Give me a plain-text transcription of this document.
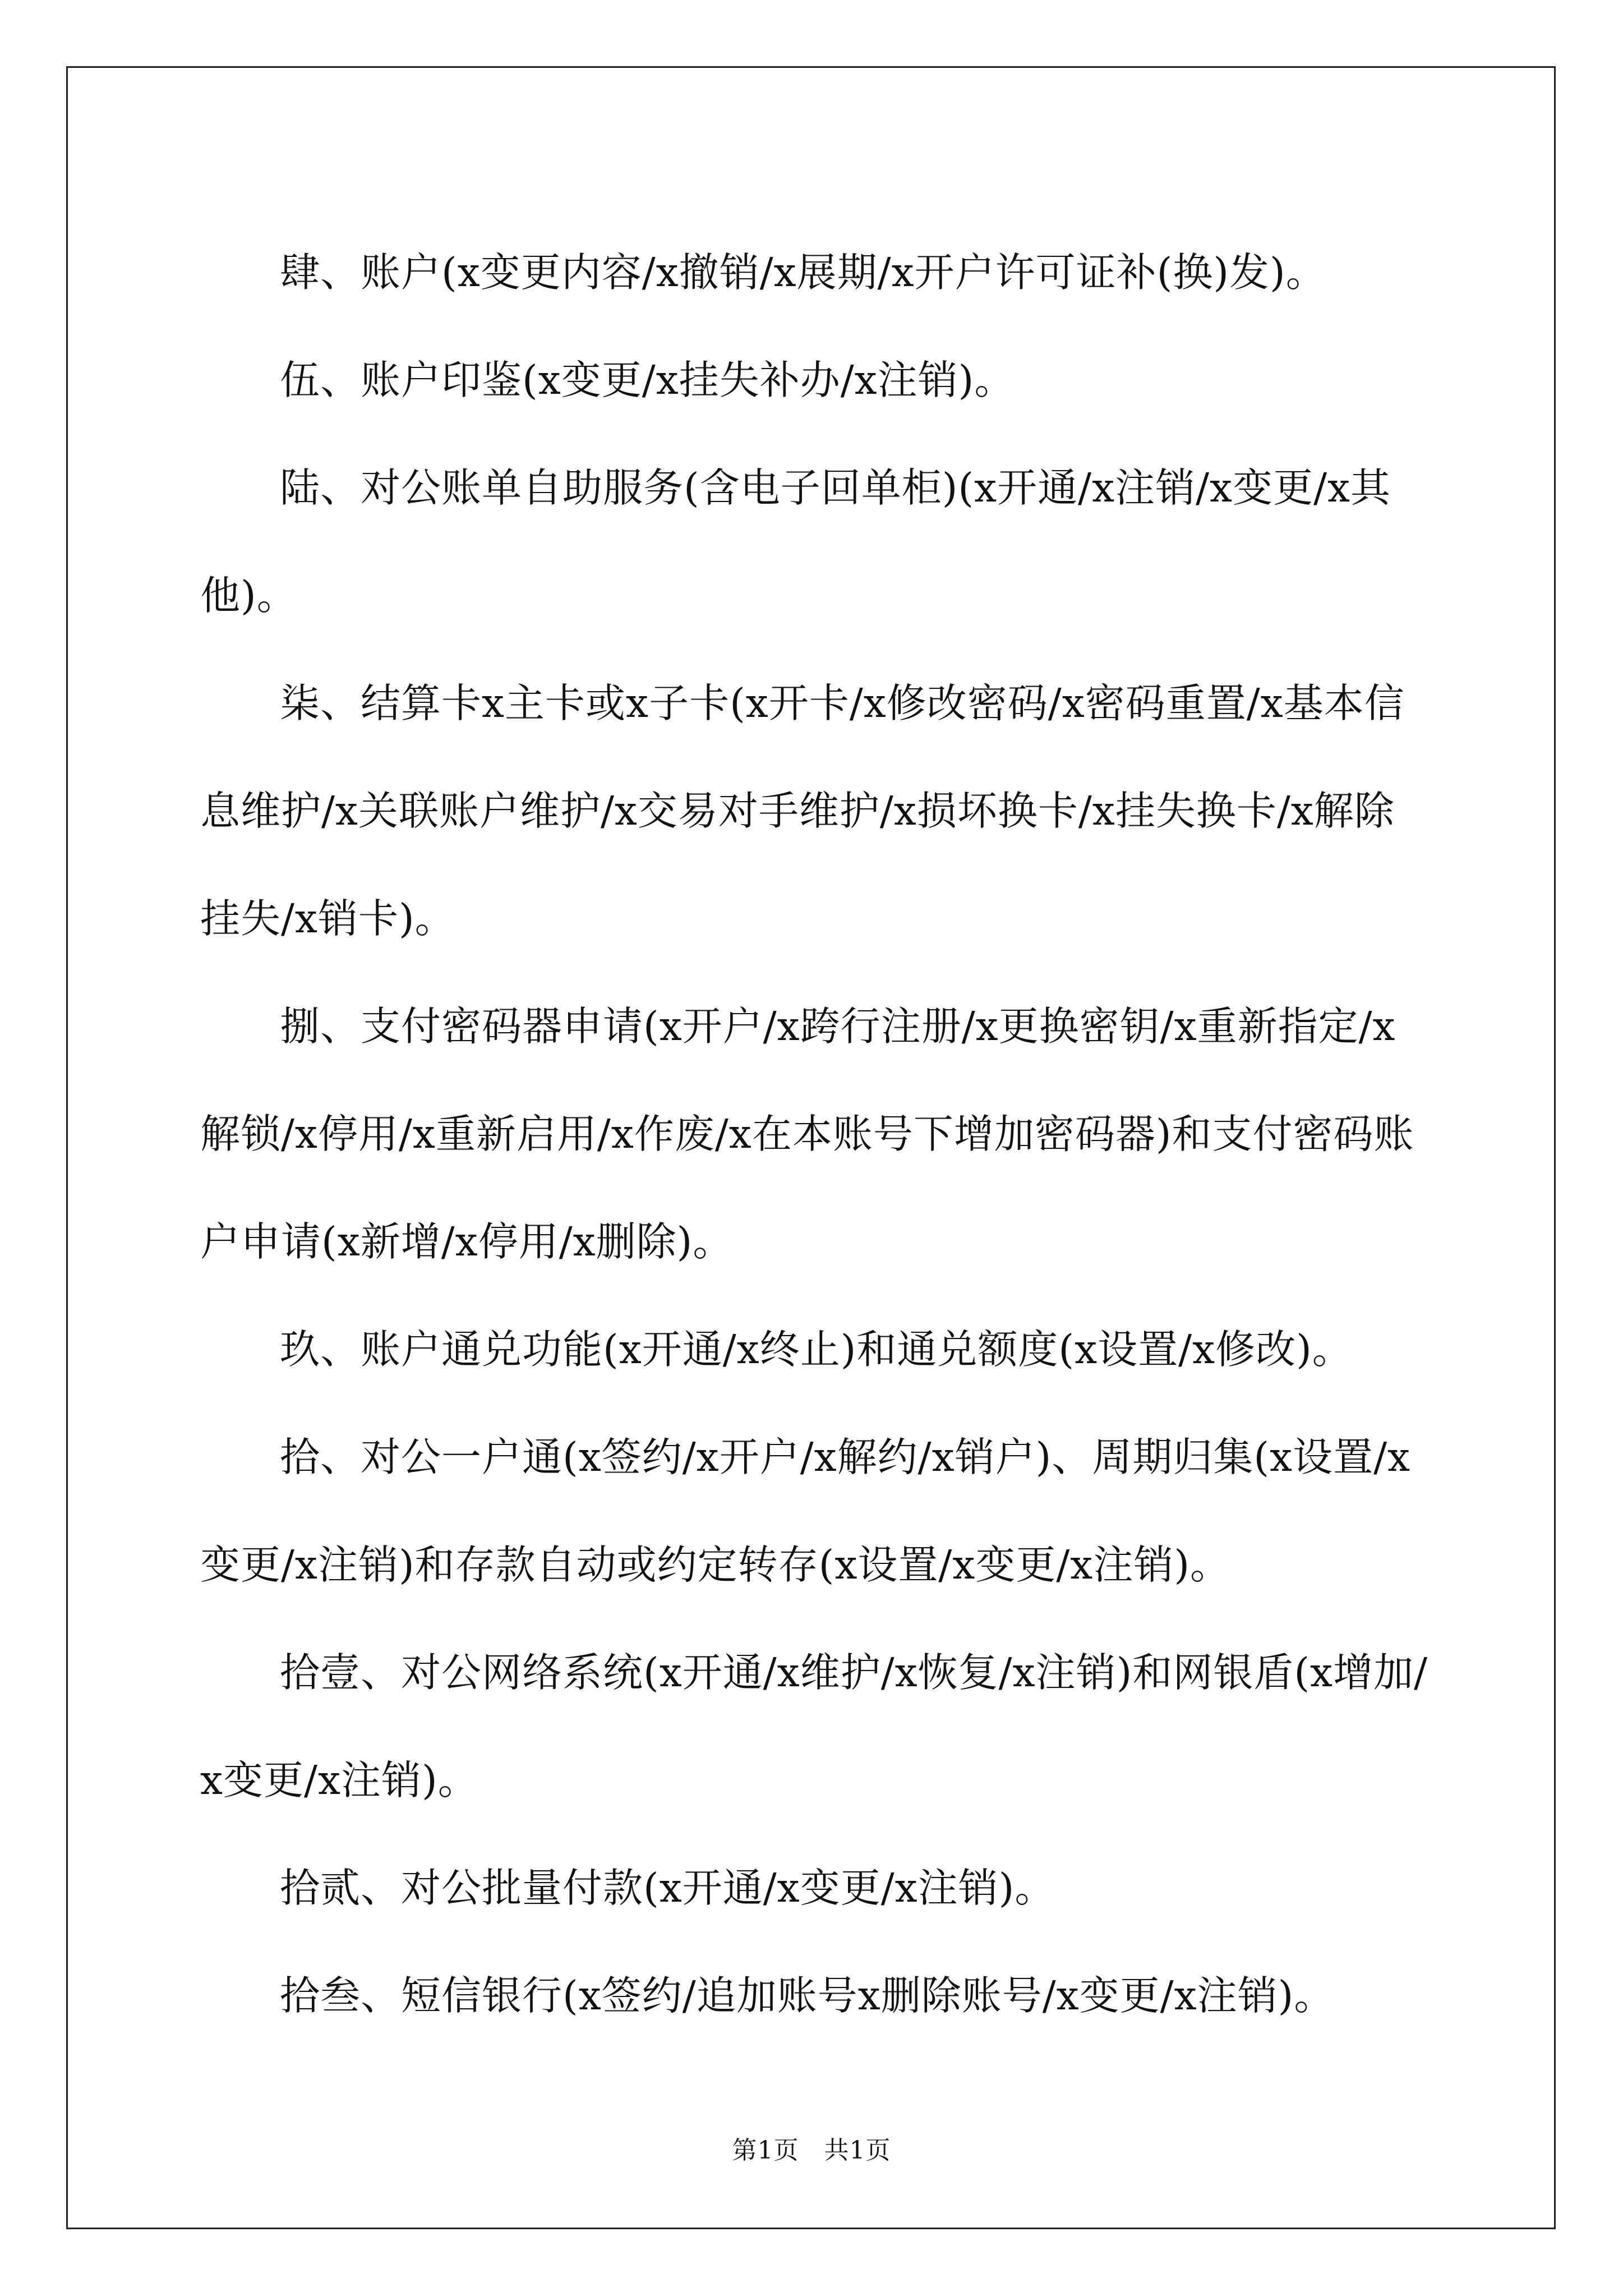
肆、账户(x变更内容/x撤销/x展期/x开户许可证补(换)发)。

伍、账户印鉴(x变更/x挂失补办/x注销)。

陆、对公账单自助服务(含电子回单柜)(x开通/x注销/x变更/x其他)。

柒、结算卡x主卡或x子卡(x开卡/x修改密码/x密码重置/x基本信息维护/x关联账户维护/x交易对手维护/x损坏换卡/x挂失换卡/x解除挂失/x销卡)。

捌、支付密码器申请(x开户/x跨行注册/x更换密钥/x重新指定/x解锁/x停用/x重新启用/x作废/x在本账号下增加密码器)和支付密码账户申请(x新增/x停用/x删除)。

玖、账户通兑功能(x开通/x终止)和通兑额度(x设置/x修改)。

拾、对公一户通(x签约/x开户/x解约/x销户)、周期归集(x设置/x变更/x注销)和存款自动或约定转存(x设置/x变更/x注销)。

拾壹、对公网络系统(x开通/x维护/x恢复/x注销)和网银盾(x增加/x变更/x注销)。

拾贰、对公批量付款(x开通/x变更/x注销)。

拾叁、短信银行(x签约/追加账号x删除账号/x变更/x注销)。

第1页　共1页
